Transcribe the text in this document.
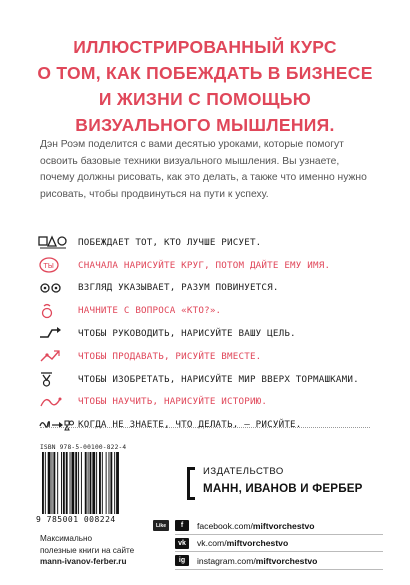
ИЛЛЮСТРИРОВАННЫЙ КУРС
О ТОМ, КАК ПОБЕЖДАТЬ В БИЗНЕСЕ
И ЖИЗНИ С ПОМОЩЬЮ
ВИЗУАЛЬНОГО МЫШЛЕНИЯ.

Дэн Роэм поделится с вами десятью уроками, которые помогут освоить базовые техники визуального мышления. Вы узнаете, почему должны рисовать, как это делать, а также что именно нужно рисовать, чтобы продвинуться на пути к успеху.

ПОБЕЖДАЕТ ТОТ, КТО ЛУЧШЕ РИСУЕТ.
ТЫ	СНАЧАЛА НАРИСУЙТЕ КРУГ, ПОТОМ ДАЙТЕ ЕМУ ИМЯ.
ВЗГЛЯД УКАЗЫВАЕТ, РАЗУМ ПОВИНУЕТСЯ.
НАЧНИТЕ С ВОПРОСА «КТО?».
ЧТОБЫ РУКОВОДИТЬ, НАРИСУЙТЕ ВАШУ ЦЕЛЬ.
ЧТОБЫ ПРОДАВАТЬ, РИСУЙТЕ ВМЕСТЕ.
ЧТОБЫ ИЗОБРЕТАТЬ, НАРИСУЙТЕ МИР ВВЕРХ ТОРМАШКАМИ.
ЧТОБЫ НАУЧИТЬ, НАРИСУЙТЕ ИСТОРИЮ.
КОГДА НЕ ЗНАЕТЕ, ЧТО ДЕЛАТЬ, — РИСУЙТЕ.
ISBN 978-5-00100-822-4
9 785001 008224
Максимально
полезные книги на сайте
mann-ivanov-ferber.ru
ИЗДАТЕЛЬСТВО
МАНН, ИВАНОВ И ФЕРБЕР
Like	f	facebook.com/miftvorchestvo
vk	vk.com/miftvorchestvo
ig	instagram.com/miftvorchestvo
